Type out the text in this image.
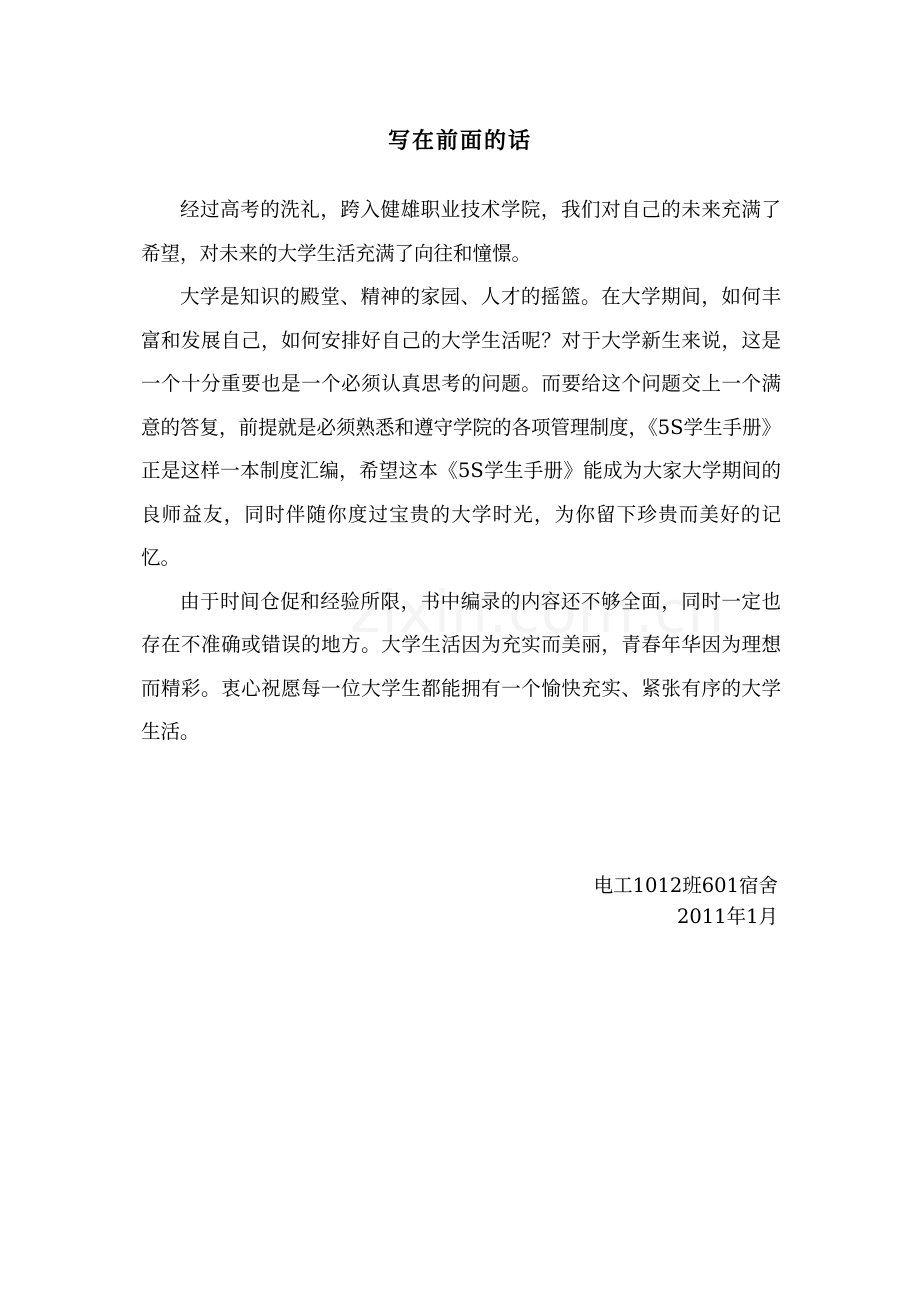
写在前面的话

经过高考的洗礼，跨入健雄职业技术学院，我们对自己的未来充满了希望，对未来的大学生活充满了向往和憧憬。

大学是知识的殿堂、精神的家园、人才的摇篮。在大学期间，如何丰富和发展自己，如何安排好自己的大学生活呢？对于大学新生来说，这是一个十分重要也是一个必须认真思考的问题。而要给这个问题交上一个满意的答复，前提就是必须熟悉和遵守学院的各项管理制度，《5S学生手册》正是这样一本制度汇编，希望这本《5S学生手册》能成为大家大学期间的良师益友，同时伴随你度过宝贵的大学时光，为你留下珍贵而美好的记忆。

由于时间仓促和经验所限，书中编录的内容还不够全面，同时一定也存在不准确或错误的地方。大学生活因为充实而美丽，青春年华因为理想而精彩。衷心祝愿每一位大学生都能拥有一个愉快充实、紧张有序的大学生活。

电工1012班601宿舍
2011年1月
